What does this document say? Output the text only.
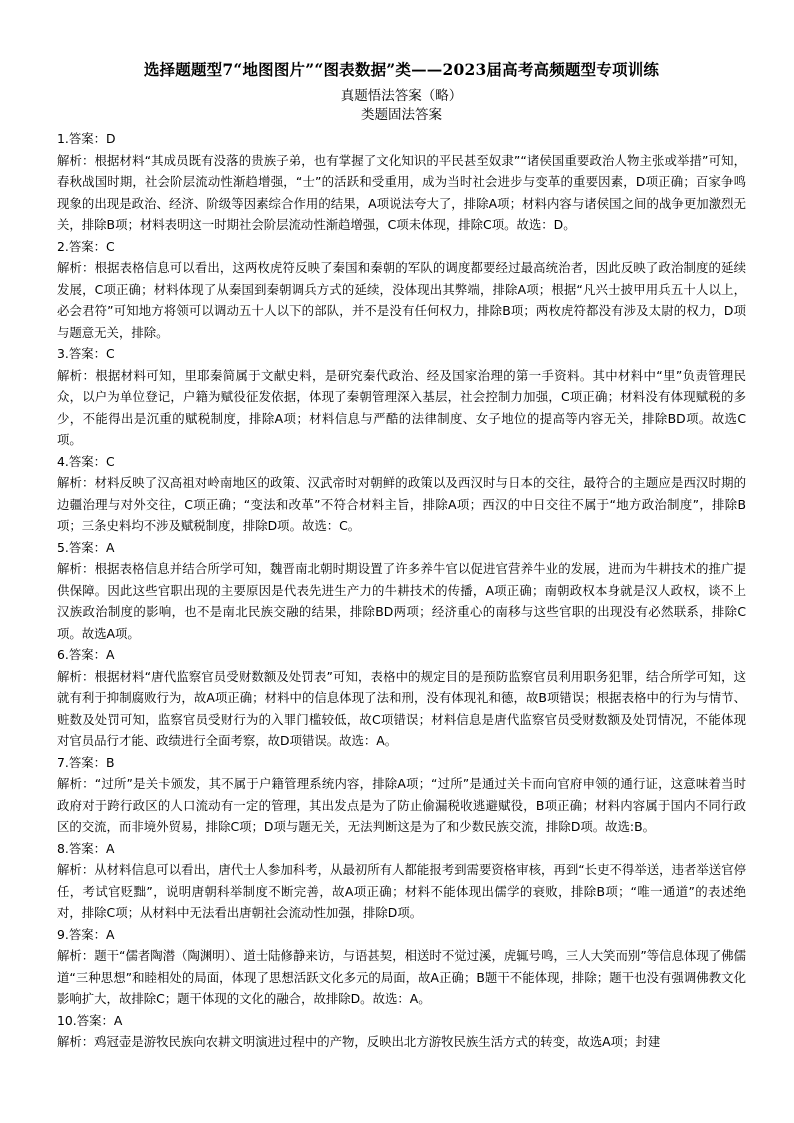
选择题题型7“地图图片”“图表数据”类——2023届高考高频题型专项训练
真题悟法答案（略）
类题固法答案
1.答案：D
解析：根据材料“其成员既有没落的贵族子弟，也有掌握了文化知识的平民甚至奴隶”“诸侯国重要政治人物主张或举措”可知，春秋战国时期，社会阶层流动性渐趋增强，“士”的活跃和受重用，成为当时社会进步与变革的重要因素，D项正确；百家争鸣现象的出现是政治、经济、阶级等因素综合作用的结果，A项说法夸大了，排除A项；材料内容与诸侯国之间的战争更加激烈无关，排除B项；材料表明这一时期社会阶层流动性渐趋增强，C项未体现，排除C项。故选：D。
2.答案：C
解析：根据表格信息可以看出，这两枚虎符反映了秦国和秦朝的军队的调度都要经过最高统治者，因此反映了政治制度的延续发展，C项正确；材料体现了从秦国到秦朝调兵方式的延续，没体现出其弊端，排除A项；根据“凡兴士披甲用兵五十人以上，必会君符”可知地方将领可以调动五十人以下的部队，并不是没有任何权力，排除B项；两枚虎符都没有涉及太尉的权力，D项与题意无关，排除。
3.答案：C
解析：根据材料可知，里耶秦简属于文献史料，是研究秦代政治、经及国家治理的第一手资料。其中材料中“里”负责管理民众，以户为单位登记，户籍为赋役征发依据，体现了秦朝管理深入基层，社会控制力加强，C项正确；材料没有体现赋税的多少，不能得出是沉重的赋税制度，排除A项；材料信息与严酷的法律制度、女子地位的提高等内容无关，排除BD项。故选C项。
4.答案：C
解析：材料反映了汉高祖对岭南地区的政策、汉武帝时对朝鲜的政策以及西汉时与日本的交往，最符合的主题应是西汉时期的边疆治理与对外交往，C项正确；“变法和改革”不符合材料主旨，排除A项；西汉的中日交往不属于“地方政治制度”，排除B项；三条史料均不涉及赋税制度，排除D项。故选：C。
5.答案：A
解析：根据表格信息并结合所学可知，魏晋南北朝时期设置了许多养牛官以促进官营养牛业的发展，进而为牛耕技术的推广提供保障。因此这些官职出现的主要原因是代表先进生产力的牛耕技术的传播，A项正确；南朝政权本身就是汉人政权，谈不上汉族政治制度的影响，也不是南北民族交融的结果，排除BD两项；经济重心的南移与这些官职的出现没有必然联系，排除C项。故选A项。
6.答案：A
解析：根据材料“唐代监察官员受财数额及处罚表”可知，表格中的规定目的是预防监察官员利用职务犯罪，结合所学可知，这就有利于抑制腐败行为，故A项正确；材料中的信息体现了法和刑，没有体现礼和德，故B项错误；根据表格中的行为与情节、赃数及处罚可知，监察官员受财行为的入罪门槛较低，故C项错误；材料信息是唐代监察官员受财数额及处罚情况，不能体现对官员品行才能、政绩进行全面考察，故D项错误。故选：A。
7.答案：B
解析：“过所”是关卡颁发，其不属于户籍管理系统内容，排除A项；“过所”是通过关卡而向官府申领的通行证，这意味着当时政府对于跨行政区的人口流动有一定的管理，其出发点是为了防止偷漏税收逃避赋役，B项正确；材料内容属于国内不同行政区的交流，而非境外贸易，排除C项；D项与题无关，无法判断这是为了和少数民族交流，排除D项。故选:B。
8.答案：A
解析：从材料信息可以看出，唐代士人参加科考，从最初所有人都能报考到需要资格审核，再到“长吏不得举送，违者举送官停任，考试官贬黜”，说明唐朝科举制度不断完善，故A项正确；材料不能体现出儒学的衰败，排除B项；“唯一通道”的表述绝对，排除C项；从材料中无法看出唐朝社会流动性加强，排除D项。
9.答案：A
解析：题干“儒者陶潜（陶渊明）、道士陆修静来访，与语甚契，相送时不觉过溪，虎辄号鸣，三人大笑而别”等信息体现了佛儒道“三种思想”和睦相处的局面，体现了思想活跃文化多元的局面，故A正确；B题干不能体现，排除；题干也没有强调佛教文化影响扩大，故排除C；题干体现的文化的融合，故排除D。故选：A。
10.答案：A
解析：鸡冠壶是游牧民族向农耕文明演进过程中的产物，反映出北方游牧民族生活方式的转变，故选A项；封建
